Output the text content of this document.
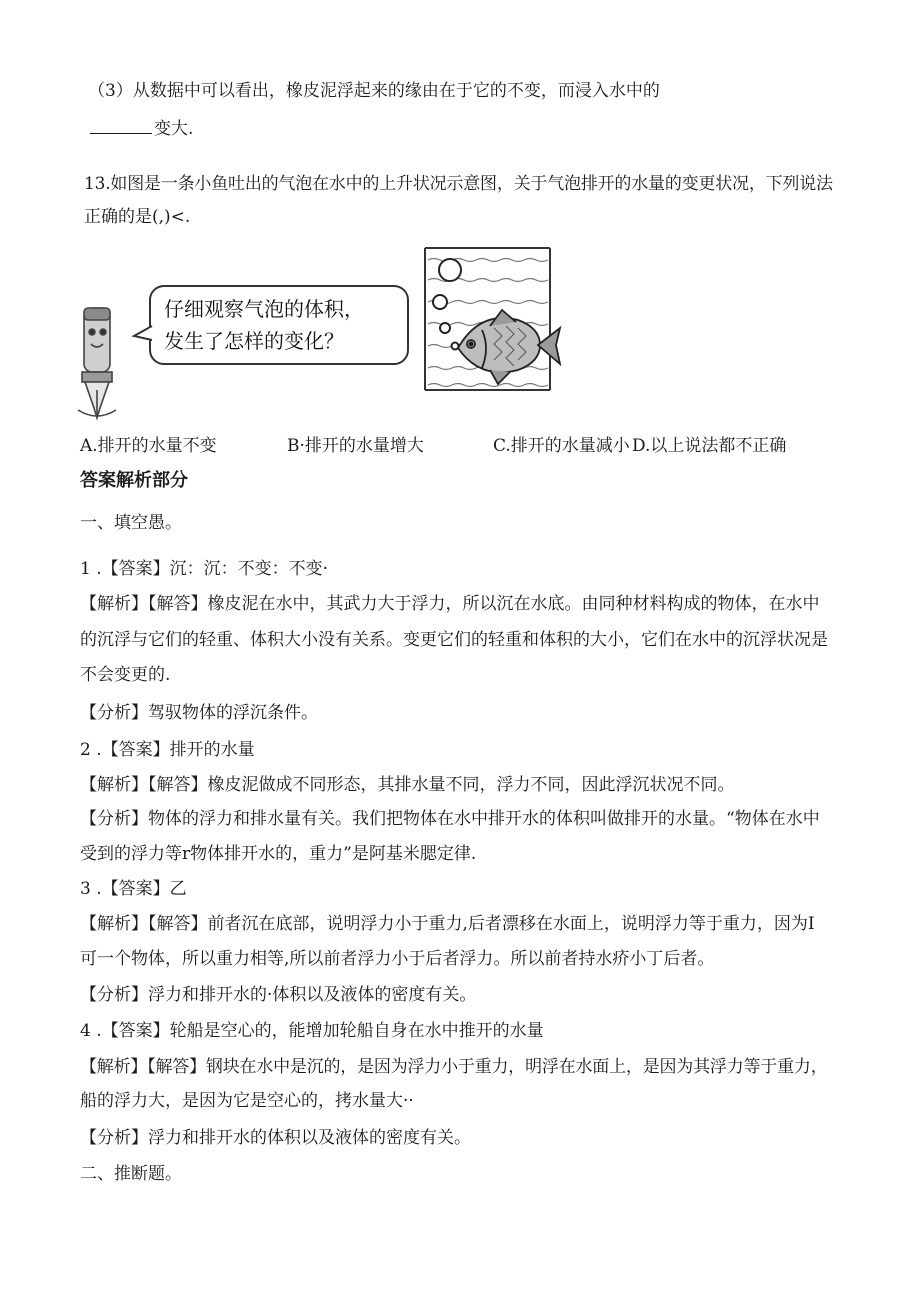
（3）从数据中可以看出，橡皮泥浮起来的缘由在于它的不变，而浸入水中的
变大.
13.如图是一条小鱼吐出的气泡在水中的上升状况示意图，关于气泡排开的水量的变更状况，下列说法
正确的是(,)<.
仔细观察气泡的体积，
发生了怎样的变化？
A.排开的水量不变	B·排开的水量增大	C.排开的水量减小 D.以上说法都不正确
答案解析部分
一、填空愚。
1 .【答案】沉：沉：不变：不变·
【解析】【解答】橡皮泥在水中，其武力大于浮力，所以沉在水底。由同种材料构成的物体，在水中
的沉浮与它们的轻重、体积大小没有关系。变更它们的轻重和体积的大小，它们在水中的沉浮状况是
不会变更的.
【分析】驾驭物体的浮沉条件。
2 .【答案】排开的水量
【解析】【解答】橡皮泥做成不同形态，其排水量不同，浮力不同，因此浮沉状况不同。
【分析】物体的浮力和排水量有关。我们把物体在水中排开水的体积叫做排开的水量。“物体在水中
受到的浮力等r物体排开水的，重力”是阿基米腮定律.
3 .【答案】乙
【解析】【解答】前者沉在底部，说明浮力小于重力,后者漂移在水面上，说明浮力等于重力，因为I
可一个物体，所以重力相等,所以前者浮力小于后者浮力。所以前者持水疥小丁后者。
【分析】浮力和排开水的·体积以及液体的密度有关。
4 .【答案】轮船是空心的，能增加轮船自身在水中推开的水量
【解析】【解答】钢块在水中是沉的，是因为浮力小于重力，明浮在水面上，是因为其浮力等于重力，
船的浮力大，是因为它是空心的，拷水量大··
【分析】浮力和排开水的体积以及液体的密度有关。
二、推断题。
